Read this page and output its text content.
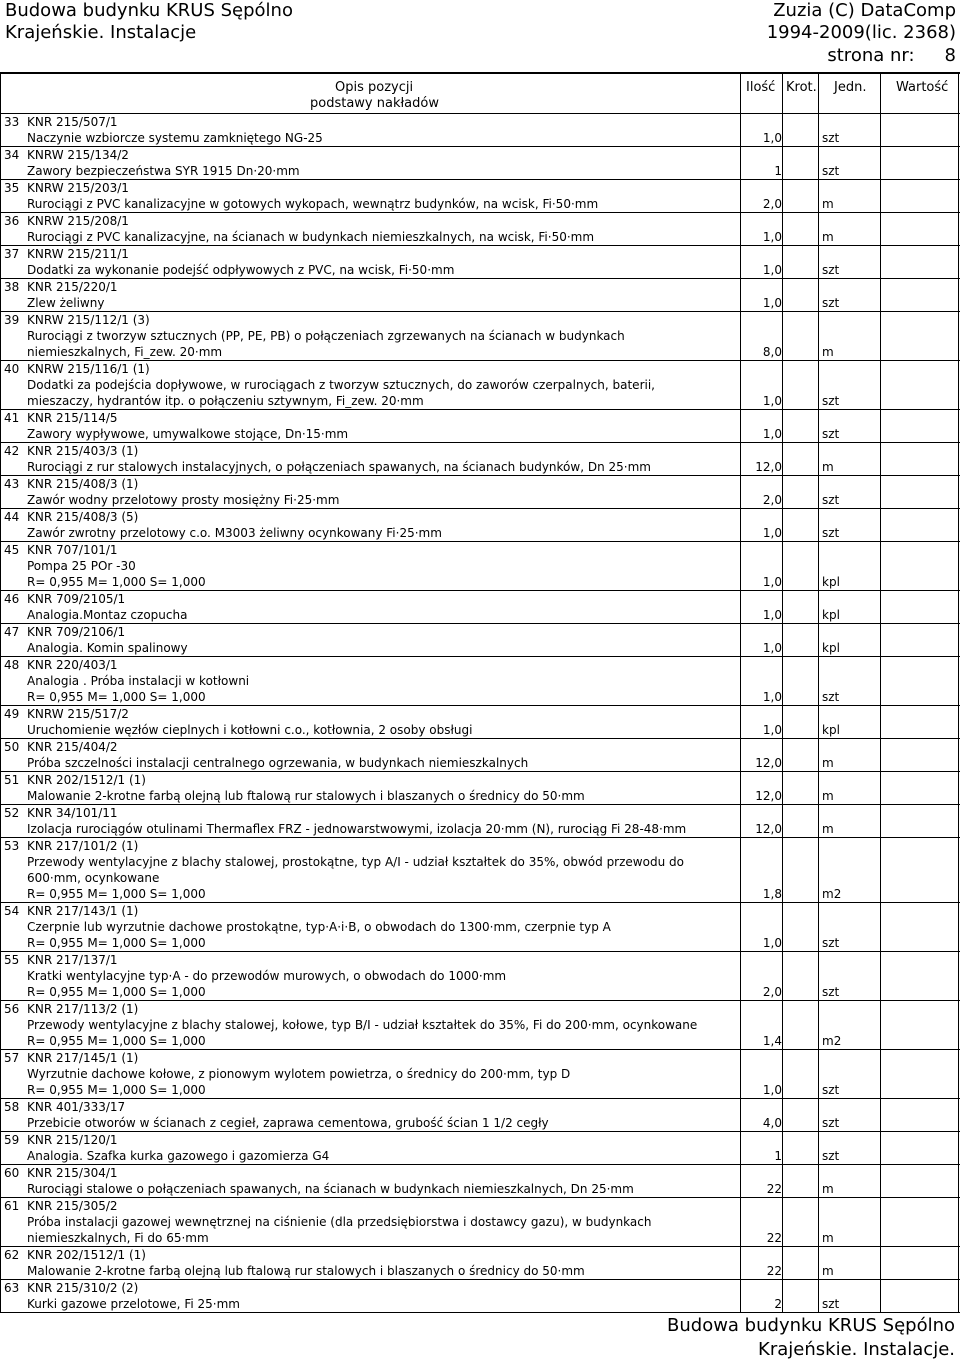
Budowa budynku KRUS Sępólno
Krajeńskie. Instalacje
Zuzia (C) DataComp
1994-2009(lic. 2368)
strona nr: 8
Opis pozycji
podstawy nakładów
Ilość Krot. Jedn. Wartość
33 KNR 215/507/1
Naczynie wzbiorcze systemu zamkniętego NG-25	1,0	szt
34 KNRW 215/134/2
Zawory bezpieczeństwa SYR 1915 Dn·20·mm	1	szt
35 KNRW 215/203/1
Rurociągi z PVC kanalizacyjne w gotowych wykopach, wewnątrz budynków, na wcisk, Fi·50·mm	2,0	m
36 KNRW 215/208/1
Rurociągi z PVC kanalizacyjne, na ścianach w budynkach niemieszkalnych, na wcisk, Fi·50·mm	1,0	m
37 KNRW 215/211/1
Dodatki za wykonanie podejść odpływowych z PVC, na wcisk, Fi·50·mm	1,0	szt
38 KNR 215/220/1
Zlew żeliwny	1,0	szt
39 KNRW 215/112/1 (3)
Rurociągi z tworzyw sztucznych (PP, PE, PB) o połączeniach zgrzewanych na ścianach w budynkach
niemieszkalnych, Fi_zew. 20·mm	8,0	m
40 KNRW 215/116/1 (1)
Dodatki za podejścia dopływowe, w rurociągach z tworzyw sztucznych, do zaworów czerpalnych, baterii,
mieszaczy, hydrantów itp. o połączeniu sztywnym, Fi_zew. 20·mm	1,0	szt
41 KNR 215/114/5
Zawory wypływowe, umywalkowe stojące, Dn·15·mm	1,0	szt
42 KNR 215/403/3 (1)
Rurociągi z rur stalowych instalacyjnych, o połączeniach spawanych, na ścianach budynków, Dn 25·mm	12,0	m
43 KNR 215/408/3 (1)
Zawór wodny przelotowy prosty mosiężny Fi·25·mm	2,0	szt
44 KNR 215/408/3 (5)
Zawór zwrotny przelotowy c.o. M3003 żeliwny ocynkowany Fi·25·mm	1,0	szt
45 KNR 707/101/1
Pompa 25 POr -30
R= 0,955 M= 1,000 S= 1,000	1,0	kpl
46 KNR 709/2105/1
Analogia.Montaz czopucha	1,0	kpl
47 KNR 709/2106/1
Analogia. Komin spalinowy	1,0	kpl
48 KNR 220/403/1
Analogia . Próba instalacji w kotłowni
R= 0,955 M= 1,000 S= 1,000	1,0	szt
49 KNRW 215/517/2
Uruchomienie węzłów cieplnych i kotłowni c.o., kotłownia, 2 osoby obsługi	1,0	kpl
50 KNR 215/404/2
Próba szczelności instalacji centralnego ogrzewania, w budynkach niemieszkalnych	12,0	m
51 KNR 202/1512/1 (1)
Malowanie 2-krotne farbą olejną lub ftalową rur stalowych i blaszanych o średnicy do 50·mm	12,0	m
52 KNR 34/101/11
Izolacja rurociągów otulinami Thermaflex FRZ - jednowarstwowymi, izolacja 20·mm (N), rurociąg Fi 28-48·mm	12,0	m
53 KNR 217/101/2 (1)
Przewody wentylacyjne z blachy stalowej, prostokątne, typ A/I - udział kształtek do 35%, obwód przewodu do
600·mm, ocynkowane
R= 0,955 M= 1,000 S= 1,000	1,8	m2
54 KNR 217/143/1 (1)
Czerpnie lub wyrzutnie dachowe prostokątne, typ·A·i·B, o obwodach do 1300·mm, czerpnie typ A
R= 0,955 M= 1,000 S= 1,000	1,0	szt
55 KNR 217/137/1
Kratki wentylacyjne typ·A - do przewodów murowych, o obwodach do 1000·mm
R= 0,955 M= 1,000 S= 1,000	2,0	szt
56 KNR 217/113/2 (1)
Przewody wentylacyjne z blachy stalowej, kołowe, typ B/I - udział kształtek do 35%, Fi do 200·mm, ocynkowane
R= 0,955 M= 1,000 S= 1,000	1,4	m2
57 KNR 217/145/1 (1)
Wyrzutnie dachowe kołowe, z pionowym wylotem powietrza, o średnicy do 200·mm, typ D
R= 0,955 M= 1,000 S= 1,000	1,0	szt
58 KNR 401/333/17
Przebicie otworów w ścianach z cegieł, zaprawa cementowa, grubość ścian 1 1/2 cegły	4,0	szt
59 KNR 215/120/1
Analogia. Szafka kurka gazowego i gazomierza G4	1	szt
60 KNR 215/304/1
Rurociągi stalowe o połączeniach spawanych, na ścianach w budynkach niemieszkalnych, Dn 25·mm	22	m
61 KNR 215/305/2
Próba instalacji gazowej wewnętrznej na ciśnienie (dla przedsiębiorstwa i dostawcy gazu), w budynkach
niemieszkalnych, Fi do 65·mm	22	m
62 KNR 202/1512/1 (1)
Malowanie 2-krotne farbą olejną lub ftalową rur stalowych i blaszanych o średnicy do 50·mm	22	m
63 KNR 215/310/2 (2)
Kurki gazowe przelotowe, Fi 25·mm	2	szt
Budowa budynku KRUS Sępólno
Krajeńskie. Instalacje.
